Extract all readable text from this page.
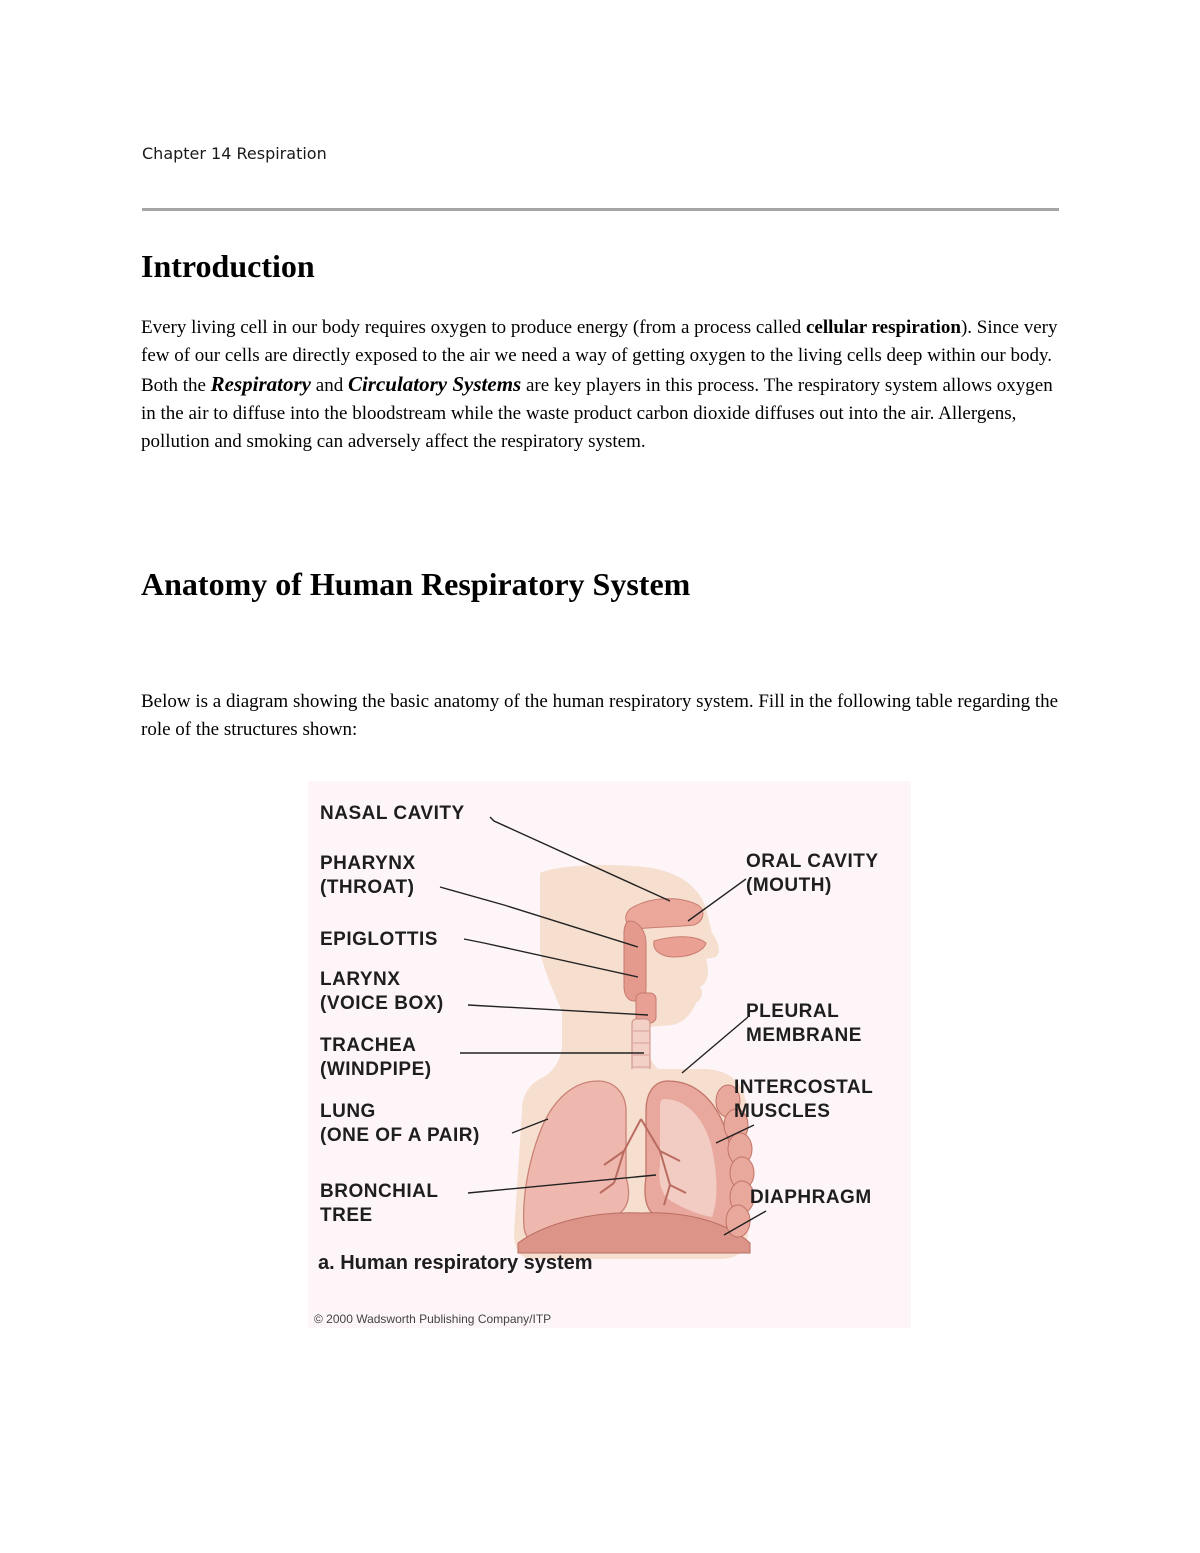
Chapter 14 Respiration
Introduction

Every living cell in our body requires oxygen to produce energy (from a process called cellular respiration). Since very few of our cells are directly exposed to the air we need a way of getting oxygen to the living cells deep within our body. Both the Respiratory and Circulatory Systems are key players in this process. The respiratory system allows oxygen in the air to diffuse into the bloodstream while the waste product carbon dioxide diffuses out into the air. Allergens, pollution and smoking can adversely affect the respiratory system.

Anatomy of Human Respiratory System

Below is a diagram showing the basic anatomy of the human respiratory system. Fill in the following table regarding the role of the structures shown:

NASAL CAVITY
PHARYNX
(THROAT)
EPIGLOTTIS
LARYNX
(VOICE BOX)
TRACHEA
(WINDPIPE)
LUNG
(ONE OF A PAIR)
BRONCHIAL
TREE
ORAL CAVITY
(MOUTH)
PLEURAL
MEMBRANE
INTERCOSTAL
MUSCLES
DIAPHRAGM
a. Human respiratory system
© 2000 Wadsworth Publishing Company/ITP
